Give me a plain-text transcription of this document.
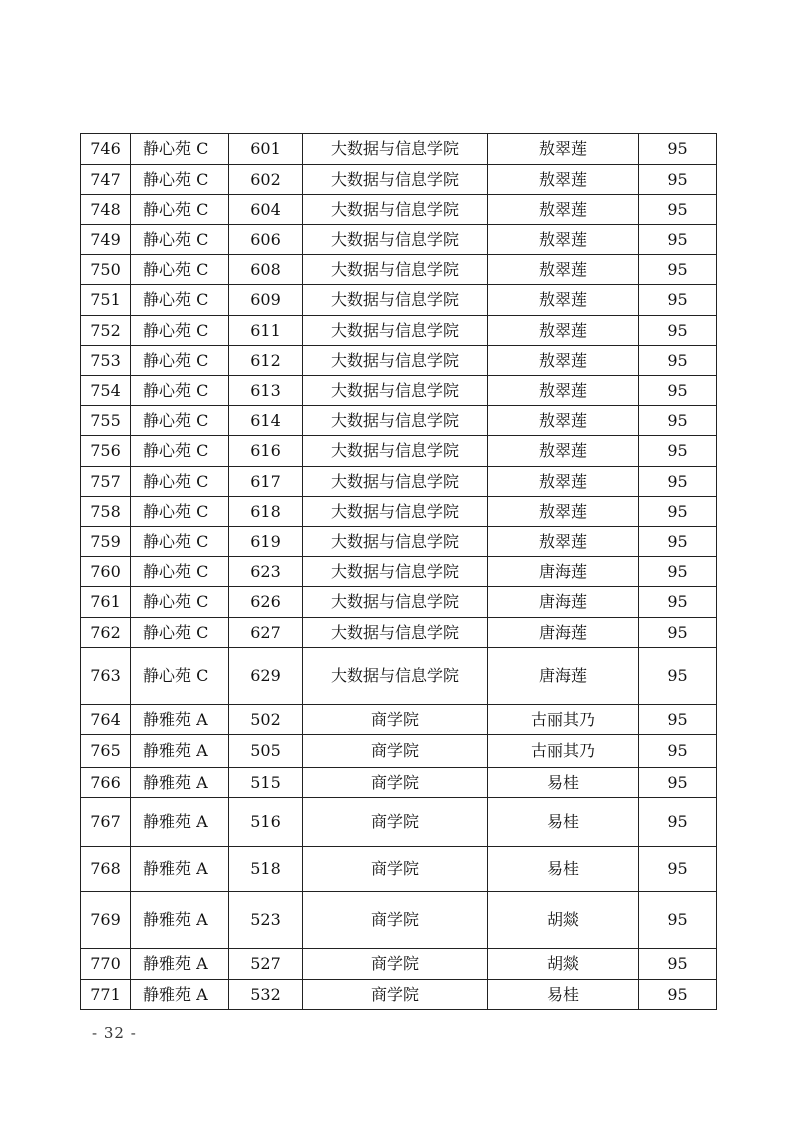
746	静心苑 C	601	大数据与信息学院	敖翠莲	95
747	静心苑 C	602	大数据与信息学院	敖翠莲	95
748	静心苑 C	604	大数据与信息学院	敖翠莲	95
749	静心苑 C	606	大数据与信息学院	敖翠莲	95
750	静心苑 C	608	大数据与信息学院	敖翠莲	95
751	静心苑 C	609	大数据与信息学院	敖翠莲	95
752	静心苑 C	611	大数据与信息学院	敖翠莲	95
753	静心苑 C	612	大数据与信息学院	敖翠莲	95
754	静心苑 C	613	大数据与信息学院	敖翠莲	95
755	静心苑 C	614	大数据与信息学院	敖翠莲	95
756	静心苑 C	616	大数据与信息学院	敖翠莲	95
757	静心苑 C	617	大数据与信息学院	敖翠莲	95
758	静心苑 C	618	大数据与信息学院	敖翠莲	95
759	静心苑 C	619	大数据与信息学院	敖翠莲	95
760	静心苑 C	623	大数据与信息学院	唐海莲	95
761	静心苑 C	626	大数据与信息学院	唐海莲	95
762	静心苑 C	627	大数据与信息学院	唐海莲	95
763	静心苑 C	629	大数据与信息学院	唐海莲	95
764	静雅苑 A	502	商学院	古丽其乃	95
765	静雅苑 A	505	商学院	古丽其乃	95
766	静雅苑 A	515	商学院	易桂	95
767	静雅苑 A	516	商学院	易桂	95
768	静雅苑 A	518	商学院	易桂	95
769	静雅苑 A	523	商学院	胡燚	95
770	静雅苑 A	527	商学院	胡燚	95
771	静雅苑 A	532	商学院	易桂	95
- 32 -
